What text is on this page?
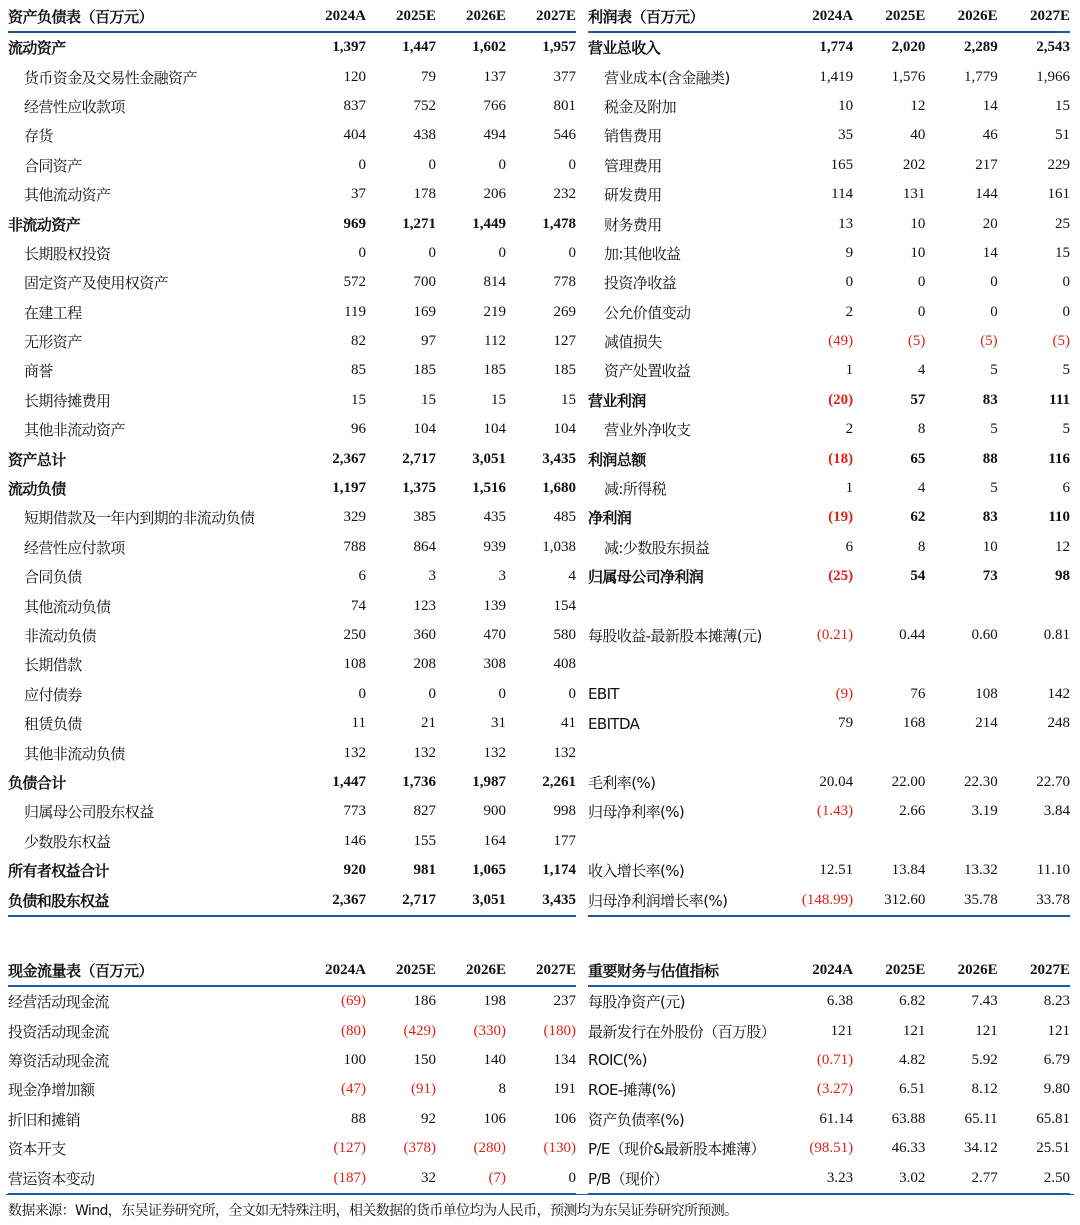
资产负债表（百万元）	2024A	2025E	2026E	2027E
流动资产	1,397	1,447	1,602	1,957
货币资金及交易性金融资产	120	79	137	377
经营性应收款项	837	752	766	801
存货	404	438	494	546
合同资产	0	0	0	0
其他流动资产	37	178	206	232
非流动资产	969	1,271	1,449	1,478
长期股权投资	0	0	0	0
固定资产及使用权资产	572	700	814	778
在建工程	119	169	219	269
无形资产	82	97	112	127
商誉	85	185	185	185
长期待摊费用	15	15	15	15
其他非流动资产	96	104	104	104
资产总计	2,367	2,717	3,051	3,435
流动负债	1,197	1,375	1,516	1,680
短期借款及一年内到期的非流动负债	329	385	435	485
经营性应付款项	788	864	939	1,038
合同负债	6	3	3	4
其他流动负债	74	123	139	154
非流动负债	250	360	470	580
长期借款	108	208	308	408
应付债券	0	0	0	0
租赁负债	11	21	31	41
其他非流动负债	132	132	132	132
负债合计	1,447	1,736	1,987	2,261
归属母公司股东权益	773	827	900	998
少数股东权益	146	155	164	177
所有者权益合计	920	981	1,065	1,174
负债和股东权益	2,367	2,717	3,051	3,435
利润表（百万元）	2024A	2025E	2026E	2027E
营业总收入	1,774	2,020	2,289	2,543
营业成本(含金融类)	1,419	1,576	1,779	1,966
税金及附加	10	12	14	15
销售费用	35	40	46	51
管理费用	165	202	217	229
研发费用	114	131	144	161
财务费用	13	10	20	25
加:其他收益	9	10	14	15
投资净收益	0	0	0	0
公允价值变动	2	0	0	0
减值损失	(49)	(5)	(5)	(5)
资产处置收益	1	4	5	5
营业利润	(20)	57	83	111
营业外净收支	2	8	5	5
利润总额	(18)	65	88	116
减:所得税	1	4	5	6
净利润	(19)	62	83	110
减:少数股东损益	6	8	10	12
归属母公司净利润	(25)	54	73	98

每股收益-最新股本摊薄(元)	(0.21)	0.44	0.60	0.81

EBIT	(9)	76	108	142
EBITDA	79	168	214	248

毛利率(%)	20.04	22.00	22.30	22.70
归母净利率(%)	(1.43)	2.66	3.19	3.84

收入增长率(%)	12.51	13.84	13.32	11.10
归母净利润增长率(%)	(148.99)	312.60	35.78	33.78
现金流量表（百万元）	2024A	2025E	2026E	2027E
经营活动现金流	(69)	186	198	237
投资活动现金流	(80)	(429)	(330)	(180)
筹资活动现金流	100	150	140	134
现金净增加额	(47)	(91)	8	191
折旧和摊销	88	92	106	106
资本开支	(127)	(378)	(280)	(130)
营运资本变动	(187)	32	(7)	0
重要财务与估值指标	2024A	2025E	2026E	2027E
每股净资产(元)	6.38	6.82	7.43	8.23
最新发行在外股份（百万股）	121	121	121	121
ROIC(%)	(0.71)	4.82	5.92	6.79
ROE-摊薄(%)	(3.27)	6.51	8.12	9.80
资产负债率(%)	61.14	63.88	65.11	65.81
P/E（现价&最新股本摊薄）	(98.51)	46.33	34.12	25.51
P/B（现价）	3.23	3.02	2.77	2.50
数据来源：Wind，东吴证券研究所，全文如无特殊注明，相关数据的货币单位均为人民币，预测均为东吴证券研究所预测。
